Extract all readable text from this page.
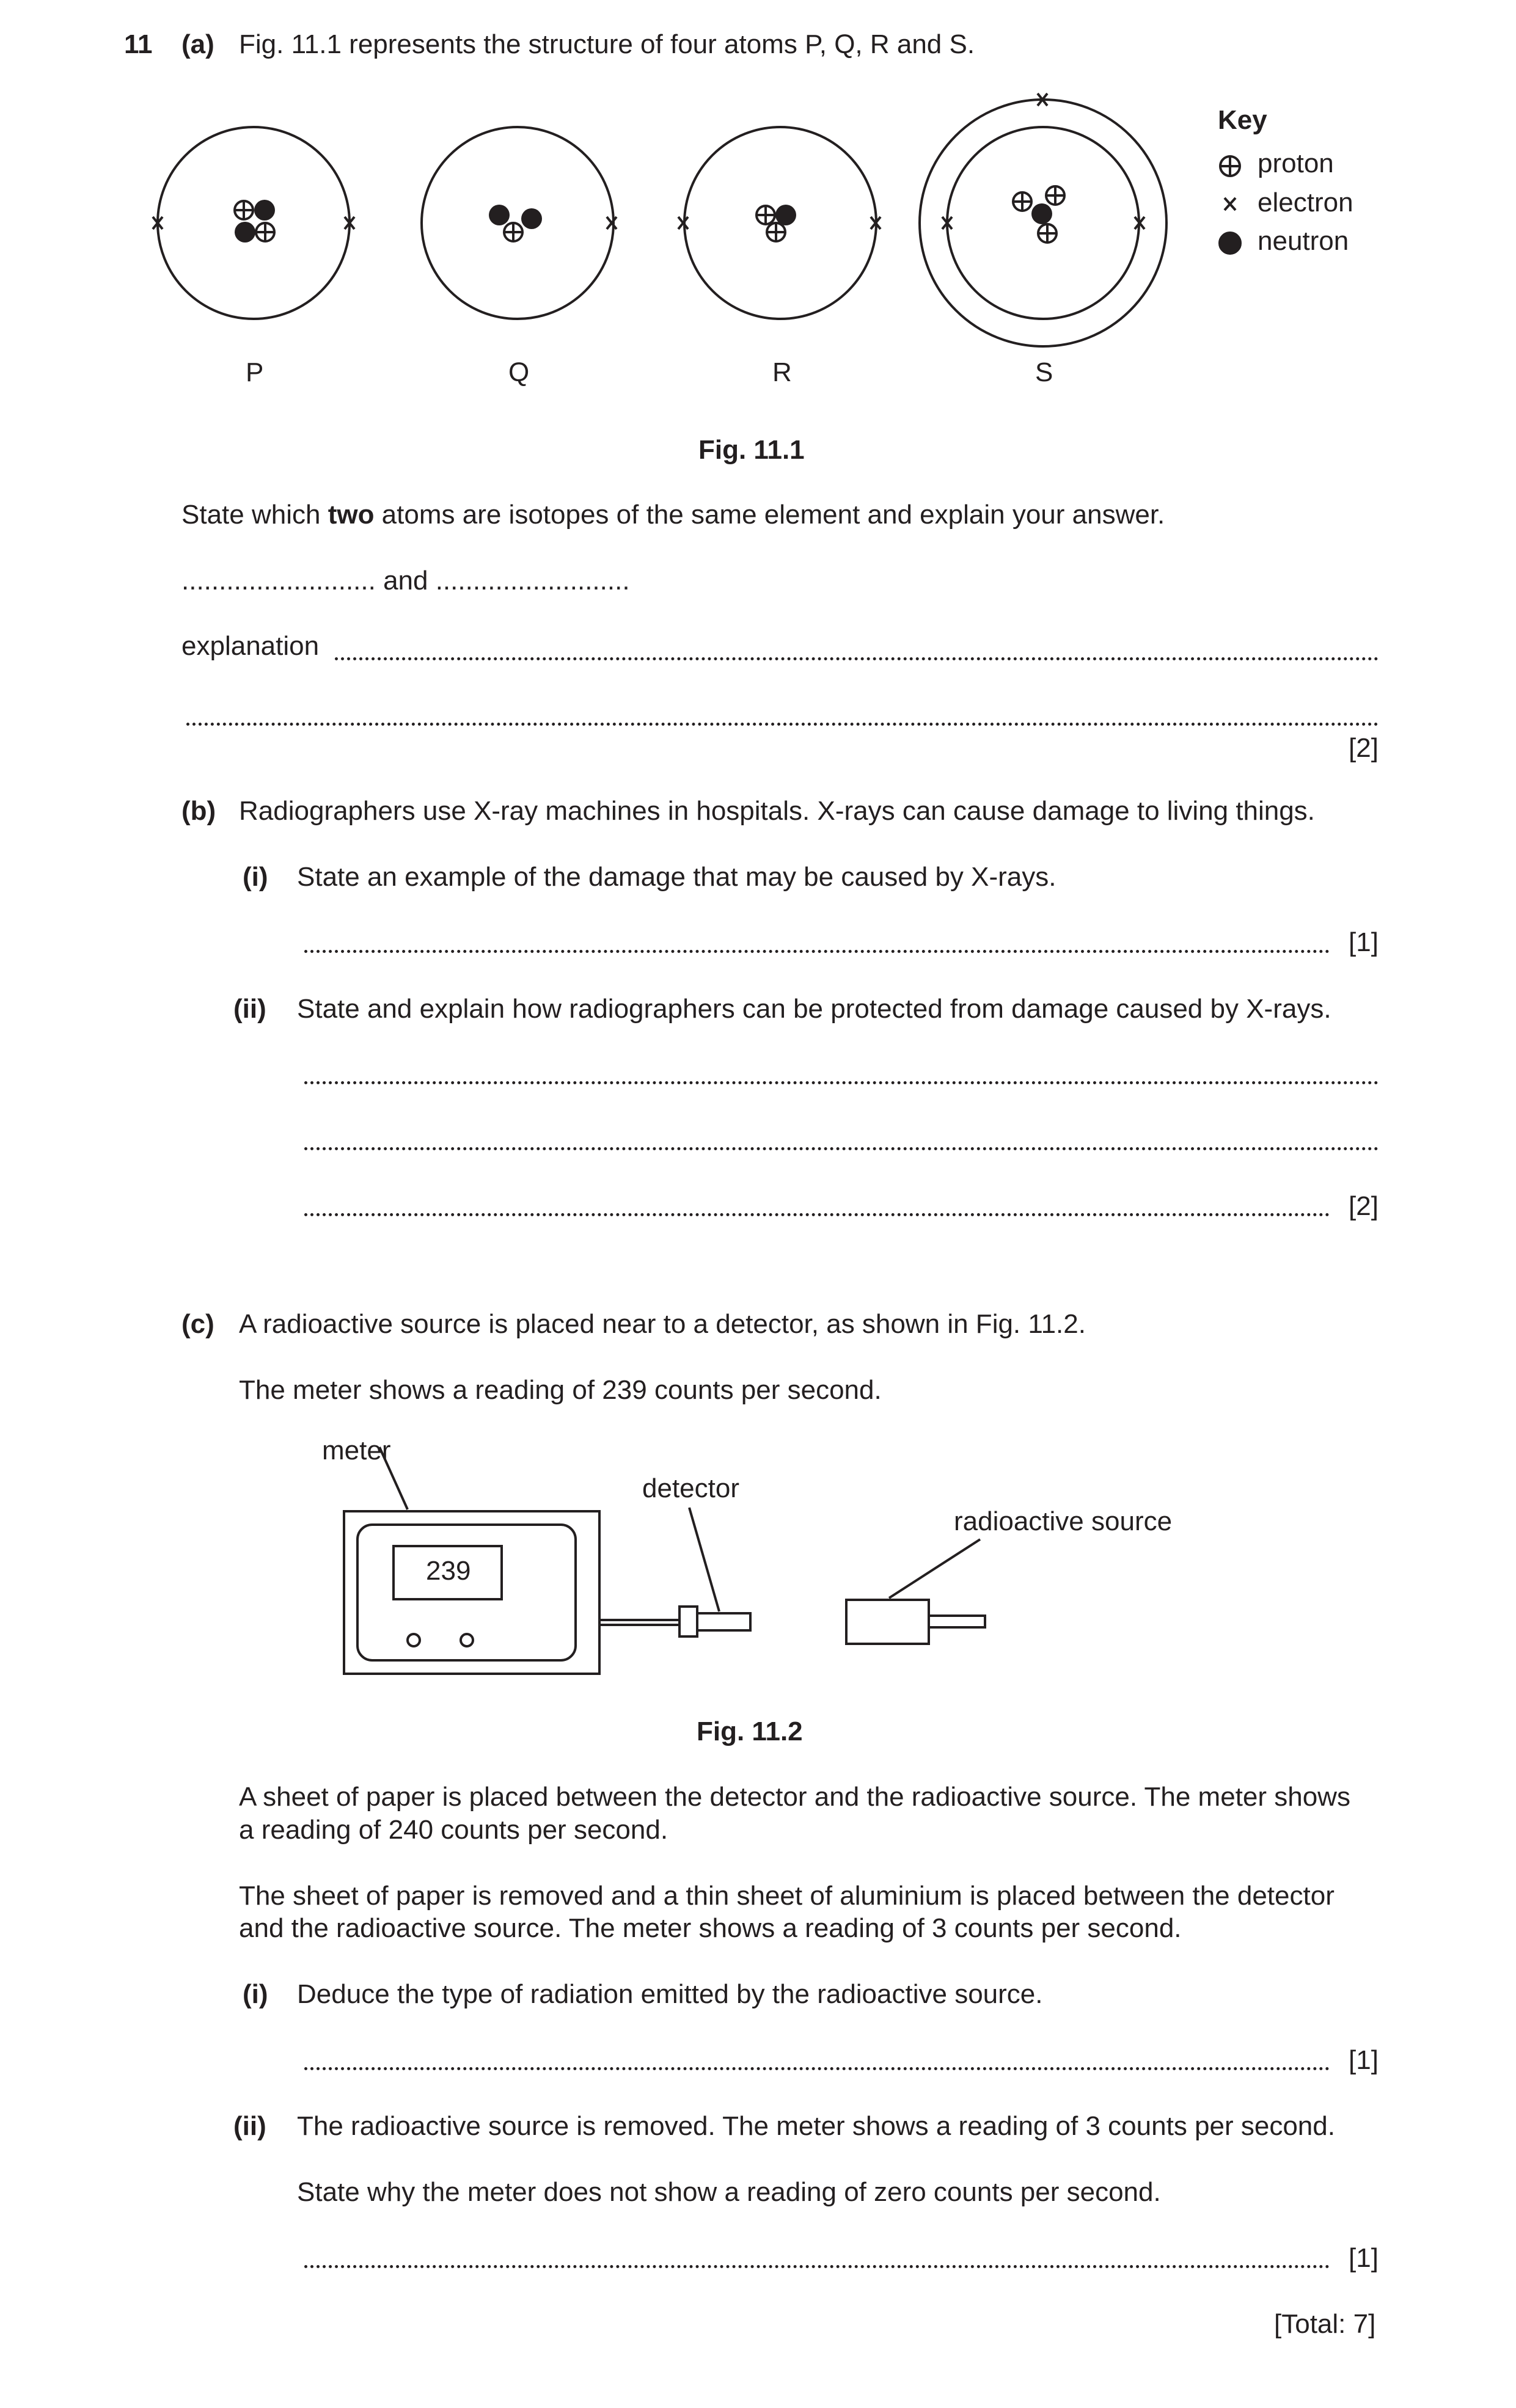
11 (a) Fig. 11.1 represents the structure of four atoms P, Q, R and S.
P	Q	R	S
Key
proton
electron
neutron
Fig. 11.1
State which two atoms are isotopes of the same element and explain your answer.
.......................... and ..........................
explanation
[2]
(b) Radiographers use X-ray machines in hospitals. X-rays can cause damage to living things.
(i) State an example of the damage that may be caused by X-rays.
[1]
(ii) State and explain how radiographers can be protected from damage caused by X-rays.
[2]
(c) A radioactive source is placed near to a detector, as shown in Fig. 11.2.
The meter shows a reading of 239 counts per second.
meter
detector
radioactive source
239
Fig. 11.2
A sheet of paper is placed between the detector and the radioactive source. The meter shows
a reading of 240 counts per second.
The sheet of paper is removed and a thin sheet of aluminium is placed between the detector
and the radioactive source. The meter shows a reading of 3 counts per second.
(i) Deduce the type of radiation emitted by the radioactive source.
[1]
(ii) The radioactive source is removed. The meter shows a reading of 3 counts per second.
State why the meter does not show a reading of zero counts per second.
[1]
[Total: 7]
